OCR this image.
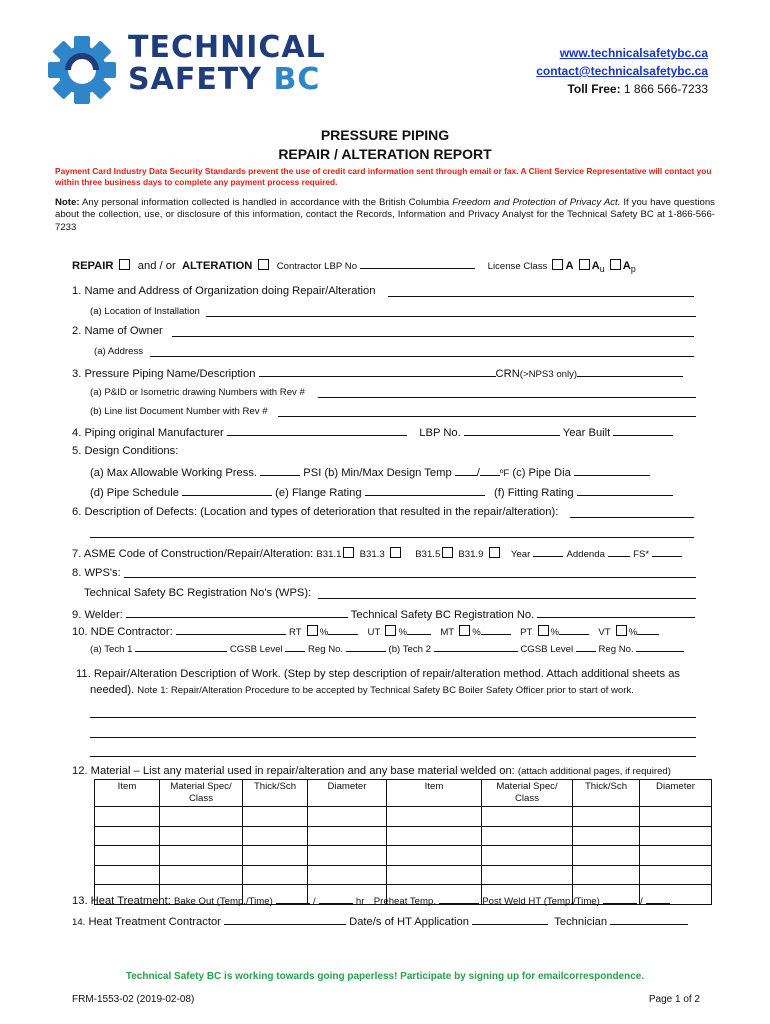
TECHNICAL
SAFETY BC
www.technicalsafetybc.ca
contact@technicalsafetybc.ca
Toll Free: 1 866 566-7233
PRESSURE PIPING
REPAIR / ALTERATION REPORT
Payment Card Industry Data Security Standards prevent the use of credit card information sent through email or fax. A Client Service Representative will contact you within three business days to complete any payment process required.
Note: Any personal information collected is handled in accordance with the British Columbia Freedom and Protection of Privacy Act. If you have questions about the collection, use, or disclosure of this information, contact the Records, Information and Privacy Analyst for the Technical Safety BC at 1-866-566-7233
REPAIR and / or ALTERATION	Contractor LBP No	License Class A $A_u$ $A_p$
1. Name and Address of Organization doing Repair/Alteration
(a) Location of Installation
2. Name of Owner
(a) Address
3. Pressure Piping Name/Description	CRN(>NPS3 only)
(a) P&ID or Isometric drawing Numbers with Rev #
(b) Line list Document Number with Rev #
4. Piping original Manufacturer	LBP No.	Year Built
5. Design Conditions:
(a) Max Allowable Working Press.	PSI (b) Min/Max Design Temp / ºF (c) Pipe Dia
(d) Pipe Schedule	(e) Flange Rating	(f) Fitting Rating
6. Description of Defects: (Location and types of deterioration that resulted in the repair/alteration):
7. ASME Code of Construction/Repair/Alteration: B31.1 B31.3	B31.5 B31.9	Year	Addenda	FS*
8. WPS's:
Technical Safety BC Registration No's (WPS):
9. Welder:	Technical Safety BC Registration No.
10. NDE Contractor:	RT %	UT %	MT %	PT %	VT %
(a) Tech 1	CGSB Level	Reg No.	(b) Tech 2	CGSB Level	Reg No.
11. Repair/Alteration Description of Work. (Step by step description of repair/alteration method. Attach additional sheets as
needed). Note 1: Repair/Alteration Procedure to be accepted by Technical Safety BC Boiler Safety Officer prior to start of work.
12. Material – List any material used in repair/alteration and any base material welded on: (attach additional pages, if required)
Item	Material Spec/ Class	Thick/Sch	Diameter	Item	Material Spec/ Class	Thick/Sch	Diameter

13. Heat Treatment: Bake Out (Temp./Time)	/	hr Preheat Temp.	Post Weld HT (Temp./Time)	/
14. Heat Treatment Contractor	Date/s of HT Application	Technician
Technical Safety BC is working towards going paperless! Participate by signing up for emailcorrespondence.
FRM-1553-02 (2019-02-08)	Page 1 of 2
